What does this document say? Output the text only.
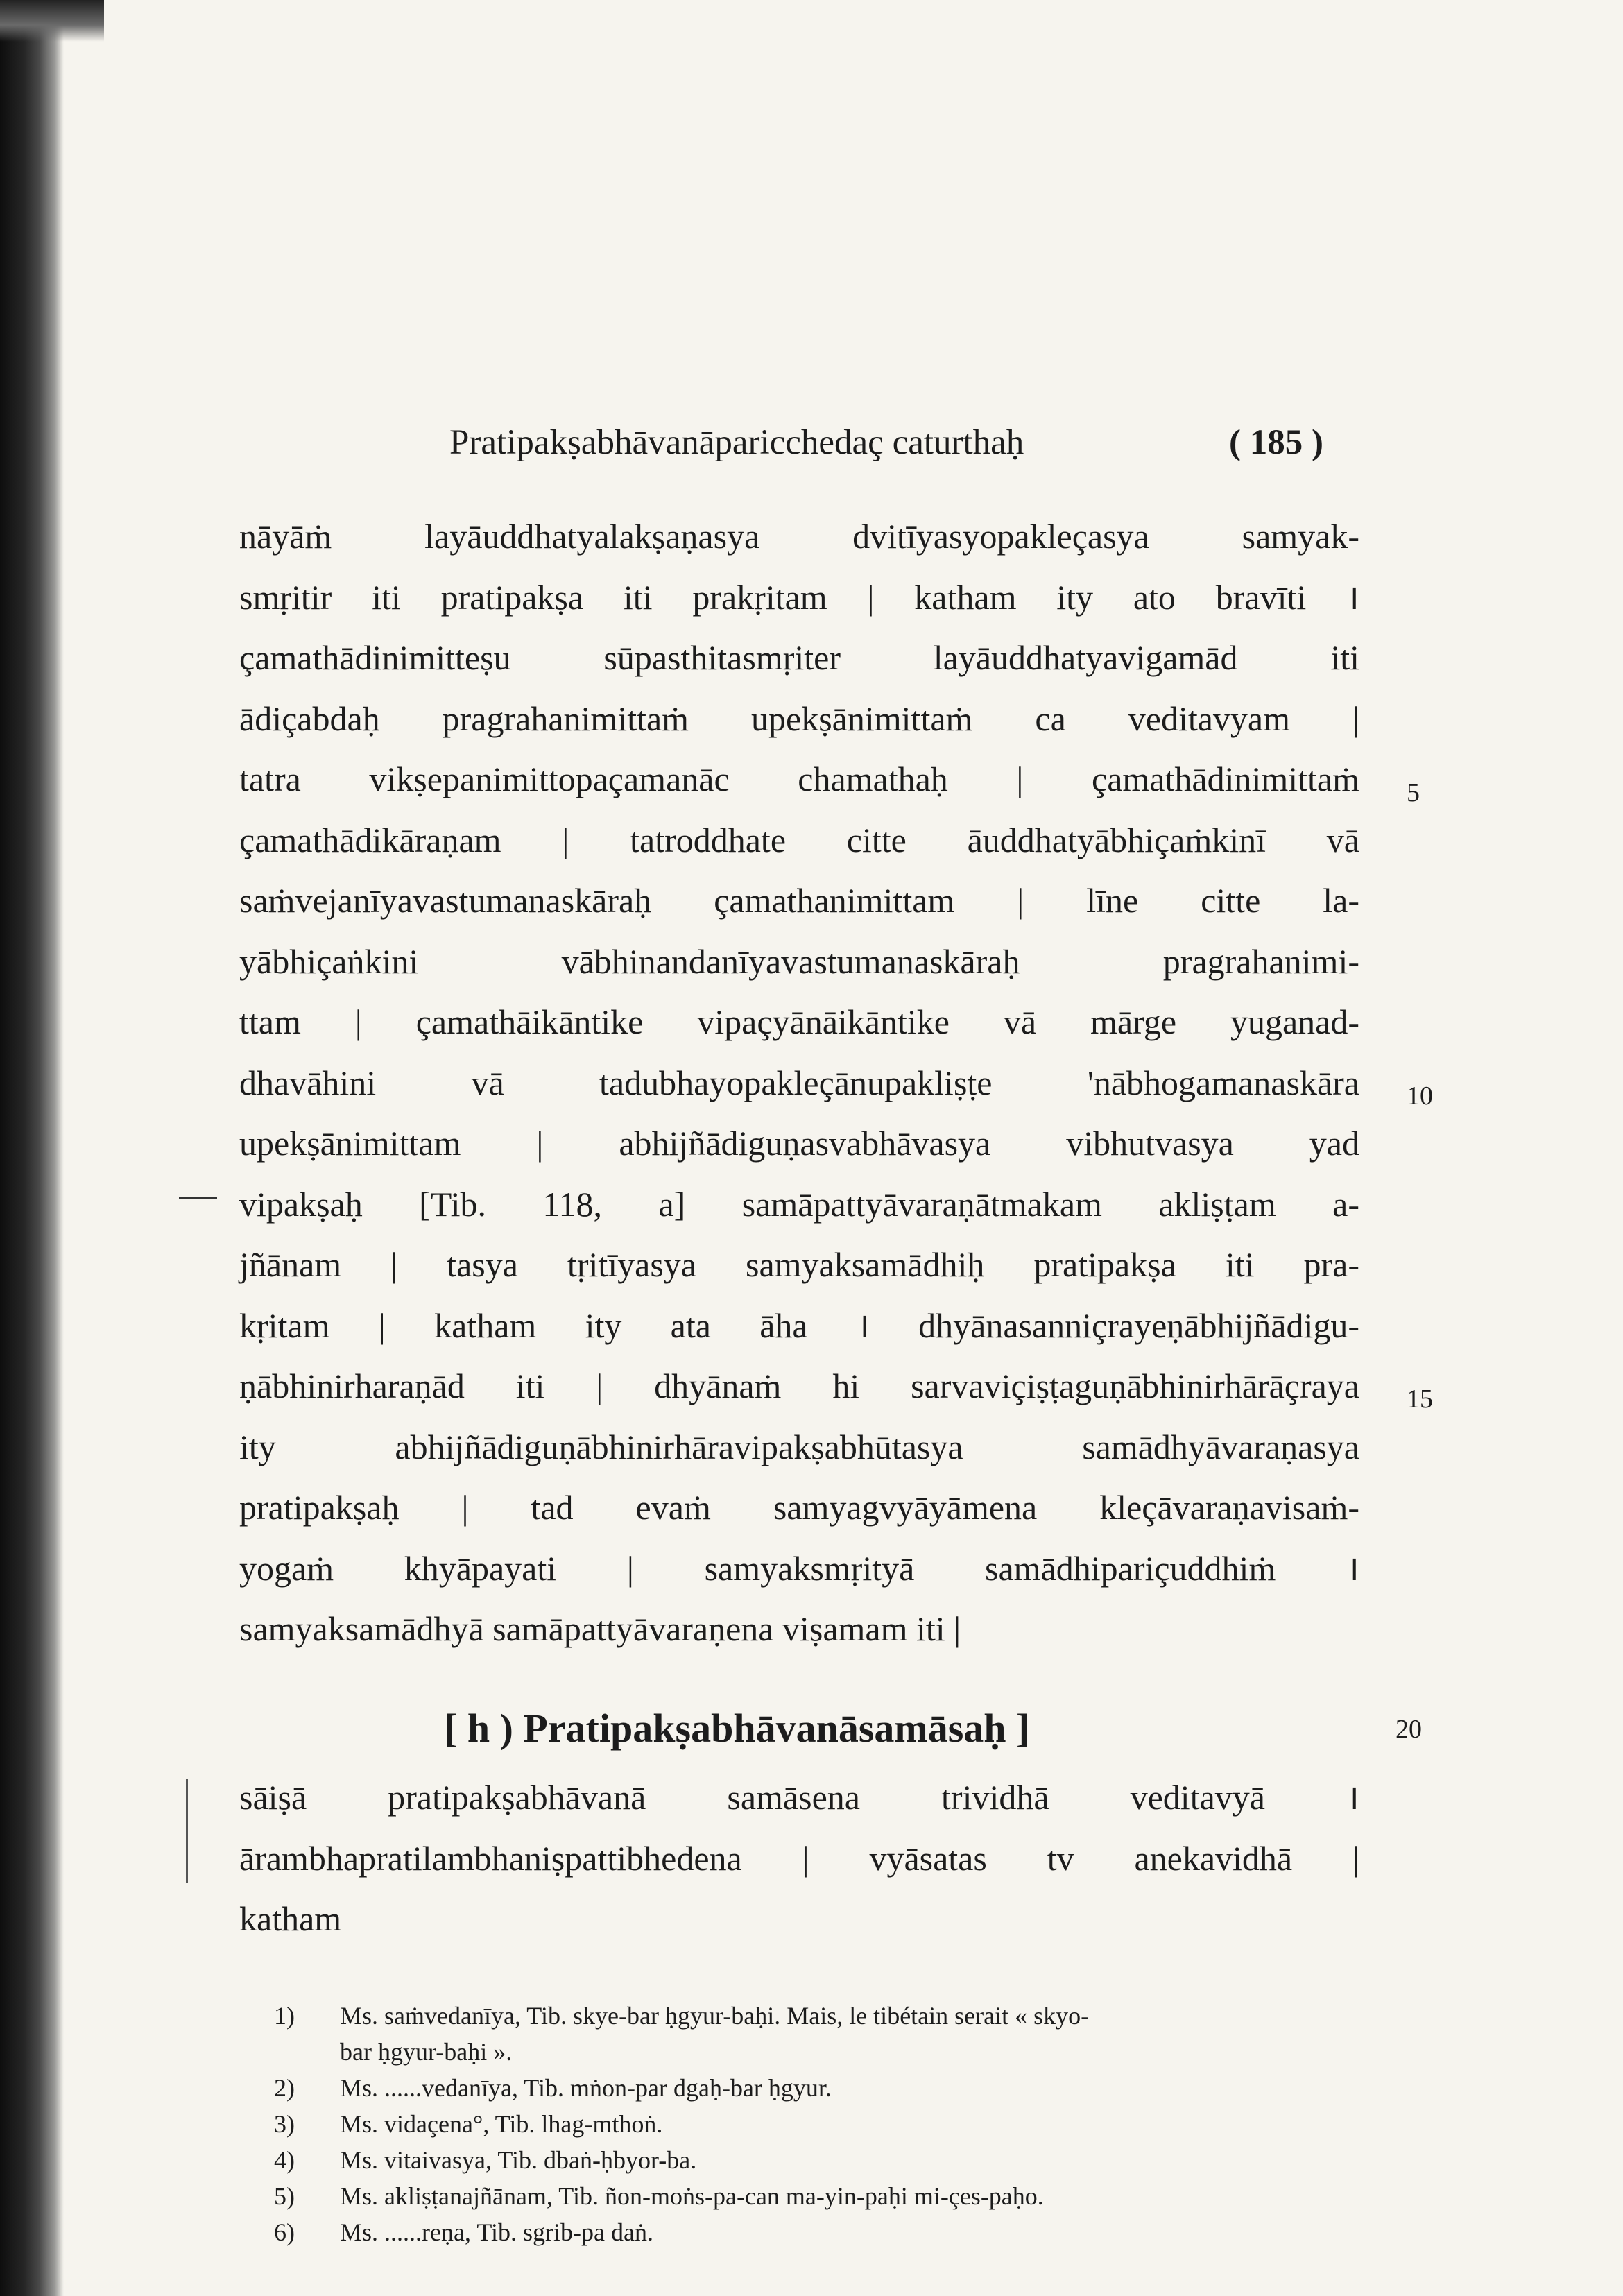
Pratipakṣabhāvanāparicchedaç caturthaḥ	( 185 )
nāyāṁ layāuddhatyalakṣaṇasya dvitīyasyopakleçasya samyak-
smṛitir iti pratipakṣa iti prakṛitam | katham ity ato bravīti ।
çamathādinimitteṣu sūpasthitasmṛiter layāuddhatyavigamād iti
ādiçabdaḥ pragrahanimittaṁ upekṣānimittaṁ ca veditavyam |
tatra vikṣepanimittopaçamanāc chamathaḥ | çamathādinimittaṁ
çamathādikāraṇam | tatroddhate citte āuddhatyābhiçaṁkinī vā
saṁvejanīyavastumanaskāraḥ çamathanimittam | līne citte la-
yābhiçaṅkini vābhinandanīyavastumanaskāraḥ pragrahanimi-
ttam | çamathāikāntike vipaçyānāikāntike vā mārge yuganad-
dhavāhini vā tadubhayopakleçānupakliṣṭe 'nābhogamanaskāra
upekṣānimittam | abhijñādiguṇasvabhāvasya vibhutvasya yad
vipakṣaḥ [Tib. 118, a] samāpattyāvaraṇātmakam akliṣṭam a-
jñānam | tasya tṛitīyasya samyaksamādhiḥ pratipakṣa iti pra-
kṛitam | katham ity ata āha । dhyānasanniçrayeṇābhijñādigu-
ṇābhinirharaṇād iti | dhyānaṁ hi sarvaviçiṣṭaguṇābhinirhārāçraya
ity abhijñādiguṇābhinirhāravipakṣabhūtasya samādhyāvaraṇasya
pratipakṣaḥ | tad evaṁ samyagvyāyāmena kleçāvaraṇavisaṁ-
yogaṁ khyāpayati | samyaksmṛityā samādhipariçuddhiṁ ।
samyaksamādhyā samāpattyāvaraṇena viṣamam iti |
[ h ) Pratipakṣabhāvanāsamāsaḥ ]
sāiṣā pratipakṣabhāvanā samāsena trividhā veditavyā ।
ārambhapratilambhaniṣpattibhedena | vyāsatas tv anekavidhā |
katham
5
10
15
20
1)	Ms. saṁvedanīya, Tib. skye-bar ḥgyur-baḥi. Mais, le tibétain serait « skyo-
bar ḥgyur-baḥi ».
2)	Ms. ......vedanīya, Tib. mṅon-par dgaḥ-bar ḥgyur.
3)	Ms. vidaçena°, Tib. lhag-mthoṅ.
4)	Ms. vitaivasya, Tib. dbaṅ-ḥbyor-ba.
5)	Ms. akliṣṭanajñānam, Tib. ñon-moṅs-pa-can ma-yin-paḥi mi-çes-paḥo.
6)	Ms. ......reṇa, Tib. sgrib-pa daṅ.
